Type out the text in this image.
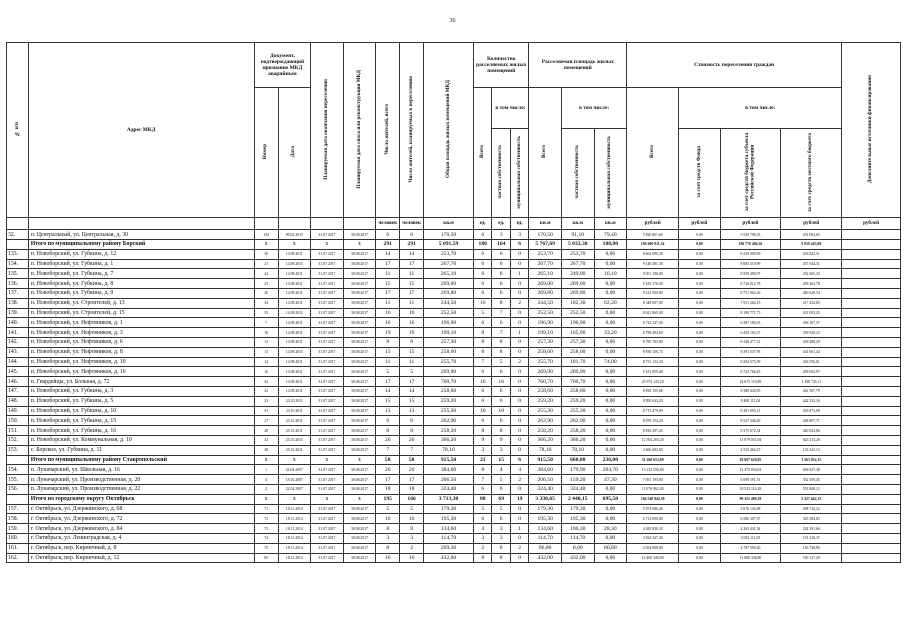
36
№ п/п	Адрес МКД	Документ, подтверждающий признание МКД аварийным		Планируемая дата окончания переселения	Планируемая дата сноса или реконструкции МКД	Число жителей, всего	Число жителей, планируемых к переселению	Общая площадь жилых помещений МКД	Количество расселяемых жилых помещений			Расселяемая площадь жилых помещений			Стоимость переселения граждан				Дополнительные источники финансирования
		Номер	Дата						Всего	в том числе:		Всего	в том числе:		Всего	в том числе:			
										частная собственность	муниципальная собственность		частная собственность	муниципальная собственность		за счет средств Фонда	за счет средств бюджета субъекта Российской Федерации	за счет средств местного бюджета	
						человек	человек	кв.м	ед.	ед.	ед.	кв.м	кв.м	кв.м	рублей	рублей	рублей	рублей	рублей
32.	п. Центральный, ул. Центральная, д. 30	134	09.02.2015	31.07.2017	30.08.2017	6	6	170,50	6	3	3	170,50	91,10	79,40	5 820 801,60	0,00	5 530 798,35	291 004,65	
	Итого по муниципальному району Борский	X	X	X	X	291	291	5 091,59	180	164	6	5 767,69	5 032,30	188,80	196 660 911,34	0,00	186 776 466,26	9 830 445,08	
133.	п. Новоборский, ул. Губкина, д. 12	30	14.09.2011	31.07.2017	30.08.2017	14	14	253,70	6	6	0	253,70	253,70	0,00	8 662 090,28	0,00	8 229 090,99	433 042,51	
134.	п. Новоборский, ул. Губкина, д. 1	21	14.09.2011	31.07.2017	30.08.2017	17	17	267,70	6	6	0	267,70	267,70	0,00	9 140 381,30	0,00	8 683 319,99	457 044,31	
135.	п. Новоборский, ул. Губкина, д. 7	24	14.09.2011	31.07.2017	30.08.2017	11	11	265,10	6	6	1	265,10	249,00	16,10	9 051 106,00	0,00	8 599 490,97	452 665,23	
136.	п. Новоборский, ул. Губкина, д. 8	25	14.09.2011	31.07.2017	30.08.2017	15	15	269,00	6	6	0	269,00	269,00	0,00	9 185 276,00	0,00	8 726 012,78	459 263,78	
137.	п. Новоборский, ул. Губкина, д. 9	26	14.09.2011	31.07.2017	30.08.2017	17	17	269,80	6	6	0	269,80	269,80	0,00	9 212 590,80	0,00	8 751 962,26	460 629,54	
138.	п. Новоборский, ул. Строителей, д. 13	34	14.09.2011	31.07.2017	30.08.2017	11	11	244,50	16	8	2	244,50	182,30	62,20	8 348 697,00	0,00	7 931 262,15	417 434,85	
139.	п. Новоборский, ул. Строителей, д. 15	35	14.09.2011	31.07.2017	30.08.2017	16	16	252,50	5	7	0	252,50	252,50	0,00	8 621 865,00	0,00	8 190 771,75	431 093,25	
140.	п. Новоборский, ул. Нефтяников, д. 1	7	14.09.2011	31.07.2017	30.08.2017	16	16	196,90	6	6	0	196,90	196,90	0,00	6 723 347,40	0,00	6 387 180,03	336 167,37	
141.	п. Новоборский, ул. Нефтяников, д. 3	10	14.09.2011	31.07.2017	30.08.2017	19	19	199,10	8	7	1	199,10	165,90	33,20	6 798 404,60	0,00	6 458 163,37	339 920,23	
142.	п. Новоборский, ул. Нефтяников, д. 6	12	14.09.2011	31.07.2017	30.08.2017	8	8	257,30	8	8	0	257,30	257,30	0,00	8 785 765,80	0,00	8 346 477,51	439 288,29	
143.	п. Новоборский, ул. Нефтяников, д. 8	13	14.09.2011	31.07.2017	30.08.2017	15	15	258,60	8	8	0	258,60	258,60	0,00	8 830 156,74	0,00	8 391 537,95	441 661,44	
144.	п. Новоборский, ул. Нефтяников, д. 10	14	14.09.2011	31.07.2017	30.08.2017	11	11	255,70	7	5	2	255,70	181,70	74,00	8 731 132,20	0,00	8 294 575,59	436 556,61	
145.	п. Новоборский, ул. Нефтяников, д. 16	16	14.09.2011	31.07.2017	30.08.2017	5	5	269,90	6	6	0	269,90	269,90	0,00	9 181 859,40	0,00	8 722 766,43	459 092,97	
146.	п. Гвардейцы, ул. Больная, д. 72	32	14.09.2011	31.07.2017	30.08.2017	17	17	760,70	16	16	0	760,70	760,70	0,00	25 974 143,20	0,00	24 675 119,89	1 298 745,11	
147.	п. Новоборский, ул. Губкина, д. 3	22	14.09.2011	31.07.2017	30.08.2017	14	14	258,60	6	6	0	258,60	258,60	0,00	8 830 155,68	0,00	8 388 643,93	441 507,79	
148.	п. Новоборский, ул. Губкина, д. 5	23	23.10.2011	31.07.2017	30.08.2017	15	15	259,20	6	6	0	259,20	259,20	0,00	8 850 643,20	0,00	8 408 111,04	442 532,16	
149.	п. Новоборский, ул. Губкина, д. 10	31	23.10.2011	31.07.2017	30.08.2017	13	13	255,30	10	10	0	255,30	255,30	0,00	8 715 479,80	0,00	8 281 005,11	435 873,69	
150.	п. Новоборский, ул. Губкина, д. 15	27	25.10.2011	31.07.2017	30.08.2017	6	6	262,90	6	6	0	262,90	262,90	0,00	8 976 154,20	0,00	8 527 346,49	448 807,71	
151.	п. Новоборский, ул. Губкина, д. 16	28	25.10.2011	31.07.2017	30.08.2017	8	8	258,20	8	8	0	258,20	258,20	0,00	8 816 497,20	0,00	8 375 672,34	440 824,86	
152.	п. Новоборский, ул. Коммунальная, д. 10	32	25.10.2011	31.07.2017	30.08.2017	26	26	366,20	9	9	0	366,20	366,20	0,00	12 504 265,20	0,00	11 879 051,94	625 213,26	
153.	с. Борское, ул. Губкина, д. 11	38	25.10.2011	31.07.2017	30.08.2017	7	7	78,10	3	3	0	78,10	78,10	0,00	2 666 682,60	0,00	2 533 462,47	133 343,13	
	Итого по муниципальному району Ставропольский	X	X	X	X	58	58	915,50	21	15	6	915,50	668,80	236,00	31 260 653,80	0,00	29 697 620,85	1 563 032,15	
154.	п. Луначарский, ул. Школьная, д. 16	1	24.04.2007	31.07.2017	30.08.2017	26	26	384,60	8	4	4	384,60	179,90	204,70	13 132 550,80	0,00	12 475 934,02	656 627,38	
155.	п. Луначарский, ул. Производственная, д. 20	4	18.10.2007	31.07.2017	30.08.2017	17	17	206,50	7	5	2	206,50	159,20	47,30	7 051 195,00	0,00	6 698 591,51	352 559,45	
156.	п. Луначарский, ул. Производственная, д. 22	2	22.04.2007	31.07.2017	30.08.2017	18	18	324,40	6	6	0	324,40	324,40	0,00	11 076 962,40	0,00	10 523 114,28	553 848,12	
	Итого по городскому округу Октябрьск	X	X	X	X	195	166	3 713,30	88	69	19	3 338,65	2 440,15	695,50	104 548 842,30	0,00	99 321 400,18	5 227 442,12	
157.	г. Октябрьск, ул. Дзержинского, д. 68	71	18.11.2014	31.07.2017	30.08.2017	5	5	179,30	5	5	0	179,30	179,30	0,00	5 974 086,40	0,00	5 676 142,08	298 744,32	
158.	г. Октябрьск, ул. Дзержинского, д. 72	72	18.11.2014	31.07.2017	30.08.2017	16	16	195,30	6	6	0	195,30	195,30	0,00	6 731 690,80	0,00	6 586 307,97	325 584,83	
159.	г. Октябрьск, ул. Дзержинского, д. 84	73	18.11.2014	31.07.2017	30.08.2017	8	8	134,60	4	3	1	134,60	106,30	28,30	4 485 830,20	0,00	4 263 441,54	224 391,66	
160.	г. Октябрьск, ул. Ленинградская, д. 4	74	18.11.2014	31.07.2017	30.08.2017	3	3	114,70	3	3	0	114,70	114,70	0,00	3 824 327,40	0,00	3 633 111,03	191 216,37	
161.	г. Октябрьск, пер. Кирпичный, д. 8	75	18.11.2014	31.07.2017	30.08.2017	8	2	269,30	2	0	2	86,80	0,00	86,80	2 954 909,80	0,00	2 787 599,20	156 738,86	
162.	г. Октябрьск, пер. Кирпичный, д. 12	85	18.11.2014	31.07.2017	30.08.2017	16	16	432,00	8	8	0	432,00	432,00	0,00	14 400 346,00	0,00	13 680 336,80	720 137,20	
